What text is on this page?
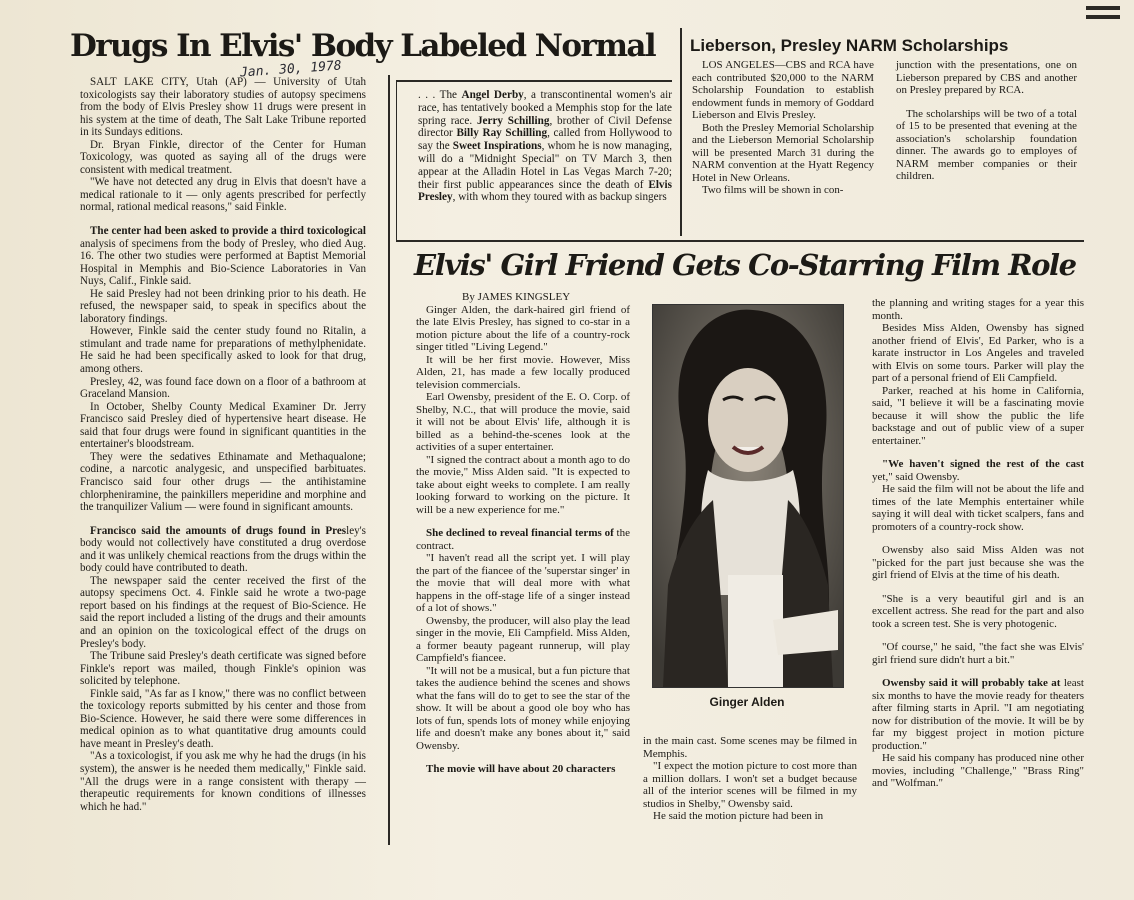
Drugs In Elvis' Body Labeled Normal
Jan. 30, 1978

SALT LAKE CITY, Utah (AP) — University of Utah toxicologists say their laboratory studies of autopsy specimens from the body of Elvis Presley show 11 drugs were present in his system at the time of death, The Salt Lake Tribune reported in its Sundays editions.

Dr. Bryan Finkle, director of the Center for Human Toxicology, was quoted as saying all of the drugs were consistent with medical treatment.

"We have not detected any drug in Elvis that doesn't have a medical rationale to it — only agents prescribed for perfectly normal, rational medical reasons," said Finkle.

The center had been asked to provide a third toxicological analysis of specimens from the body of Presley, who died Aug. 16. The other two studies were performed at Baptist Memorial Hospital in Memphis and Bio-Science Laboratories in Van Nuys, Calif., Finkle said.

He said Presley had not been drinking prior to his death. He refused, the newspaper said, to speak in specifics about the laboratory findings.

However, Finkle said the center study found no Ritalin, a stimulant and trade name for preparations of methylphenidate. He said he had been specifically asked to look for that drug, among others.

Presley, 42, was found face down on a floor of a bathroom at Graceland Mansion.

In October, Shelby County Medical Examiner Dr. Jerry Francisco said Presley died of hypertensive heart disease. He said that four drugs were found in significant quantities in the entertainer's bloodstream.

They were the sedatives Ethinamate and Methaqualone; codine, a narcotic analygesic, and unspecified barbituates. Francisco said four other drugs — the antihistamine chlorpheniramine, the painkillers meperidine and morphine and the tranquilizer Valium — were found in significant amounts.

Francisco said the amounts of drugs found in Presley's body would not collectively have constituted a drug overdose and it was unlikely chemical reactions from the drugs within the body could have contributed to death.

The newspaper said the center received the first of the autopsy specimens Oct. 4. Finkle said he wrote a two-page report based on his findings at the request of Bio-Science. He said the report included a listing of the drugs and their amounts and an opinion on the toxicological effect of the drugs on Presley's body.

The Tribune said Presley's death certificate was signed before Finkle's report was mailed, though Finkle's opinion was solicited by telephone.

Finkle said, "As far as I know," there was no conflict between the toxicology reports submitted by his center and those from Bio-Science. However, he said there were some differences in medical opinion as to what quantitative drug amounts could have meant in Presley's death.

"As a toxicologist, if you ask me why he had the drugs (in his system), the answer is he needed them medically," Finkle said. "All the drugs were in a range consistent with therapy — therapeutic requirements for known conditions of illnesses which he had."

. . . The Angel Derby, a transcontinental women's air race, has tentatively booked a Memphis stop for the late spring race. Jerry Schilling, brother of Civil Defense director Billy Ray Schilling, called from Hollywood to say the Sweet Inspirations, whom he is now managing, will do a "Midnight Special" on TV March 3, then appear at the Alladin Hotel in Las Vegas March 7-20; their first public appearances since the death of Elvis Presley, with whom they toured with as backup singers

Lieberson, Presley NARM Scholarships

LOS ANGELES—CBS and RCA have each contributed $20,000 to the NARM Scholarship Foundation to establish endowment funds in memory of Goddard Lieberson and Elvis Presley.

Both the Presley Memorial Scholarship and the Lieberson Memorial Scholarship will be presented March 31 during the NARM convention at the Hyatt Regency Hotel in New Orleans.

Two films will be shown in con-

junction with the presentations, one on Lieberson prepared by CBS and another on Presley prepared by RCA.

The scholarships will be two of a total of 15 to be presented that evening at the association's scholarship foundation dinner. The awards go to employes of NARM member companies or their children.

Elvis' Girl Friend Gets Co-Starring Film Role

By JAMES KINGSLEY

Ginger Alden, the dark-haired girl friend of the late Elvis Presley, has signed to co-star in a motion picture about the life of a country-rock singer titled "Living Legend."

It will be her first movie. However, Miss Alden, 21, has made a few locally produced television commercials.

Earl Owensby, president of the E. O. Corp. of Shelby, N.C., that will produce the movie, said it will not be about Elvis' life, although it is billed as a behind-the-scenes look at the activities of a super entertainer.

"I signed the contract about a month ago to do the movie," Miss Alden said. "It is expected to take about eight weeks to complete. I am really looking forward to working on the picture. It will be a new experience for me."

She declined to reveal financial terms of the contract.

"I haven't read all the script yet. I will play the part of the fiancee of the 'superstar singer' in the movie that will deal more with what happens in the off-stage life of a singer instead of a lot of shows."

Owensby, the producer, will also play the lead singer in the movie, Eli Campfield. Miss Alden, a former beauty pageant runnerup, will play Campfield's fiancee.

"It will not be a musical, but a fun picture that takes the audience behind the scenes and shows what the fans will do to get to see the star of the show. It will be about a good ole boy who has lots of fun, spends lots of money while enjoying life and doesn't make any bones about it," said Owensby.

The movie will have about 20 characters

Ginger Alden

in the main cast. Some scenes may be filmed in Memphis.

"I expect the motion picture to cost more than a million dollars. I won't set a budget because all of the interior scenes will be filmed in my studios in Shelby," Owensby said.

He said the motion picture had been in

the planning and writing stages for a year this month.

Besides Miss Alden, Owensby has signed another friend of Elvis', Ed Parker, who is a karate instructor in Los Angeles and traveled with Elvis on some tours. Parker will play the part of a personal friend of Eli Campfield.

Parker, reached at his home in California, said, "I believe it will be a fascinating movie because it will show the public the life backstage and out of public view of a super entertainer."

"We haven't signed the rest of the cast yet," said Owensby.

He said the film will not be about the life and times of the late Memphis entertainer while saying it will deal with ticket scalpers, fans and promoters of a country-rock show.

Owensby also said Miss Alden was not "picked for the part just because she was the girl friend of Elvis at the time of his death.

"She is a very beautiful girl and is an excellent actress. She read for the part and also took a screen test. She is very photogenic.

"Of course," he said, "the fact she was Elvis' girl friend sure didn't hurt a bit."

Owensby said it will probably take at least six months to have the movie ready for theaters after filming starts in April. "I am negotiating now for distribution of the movie. It will be by far my biggest project in motion picture production."

He said his company has produced nine other movies, including "Challenge," "Brass Ring" and "Wolfman."
